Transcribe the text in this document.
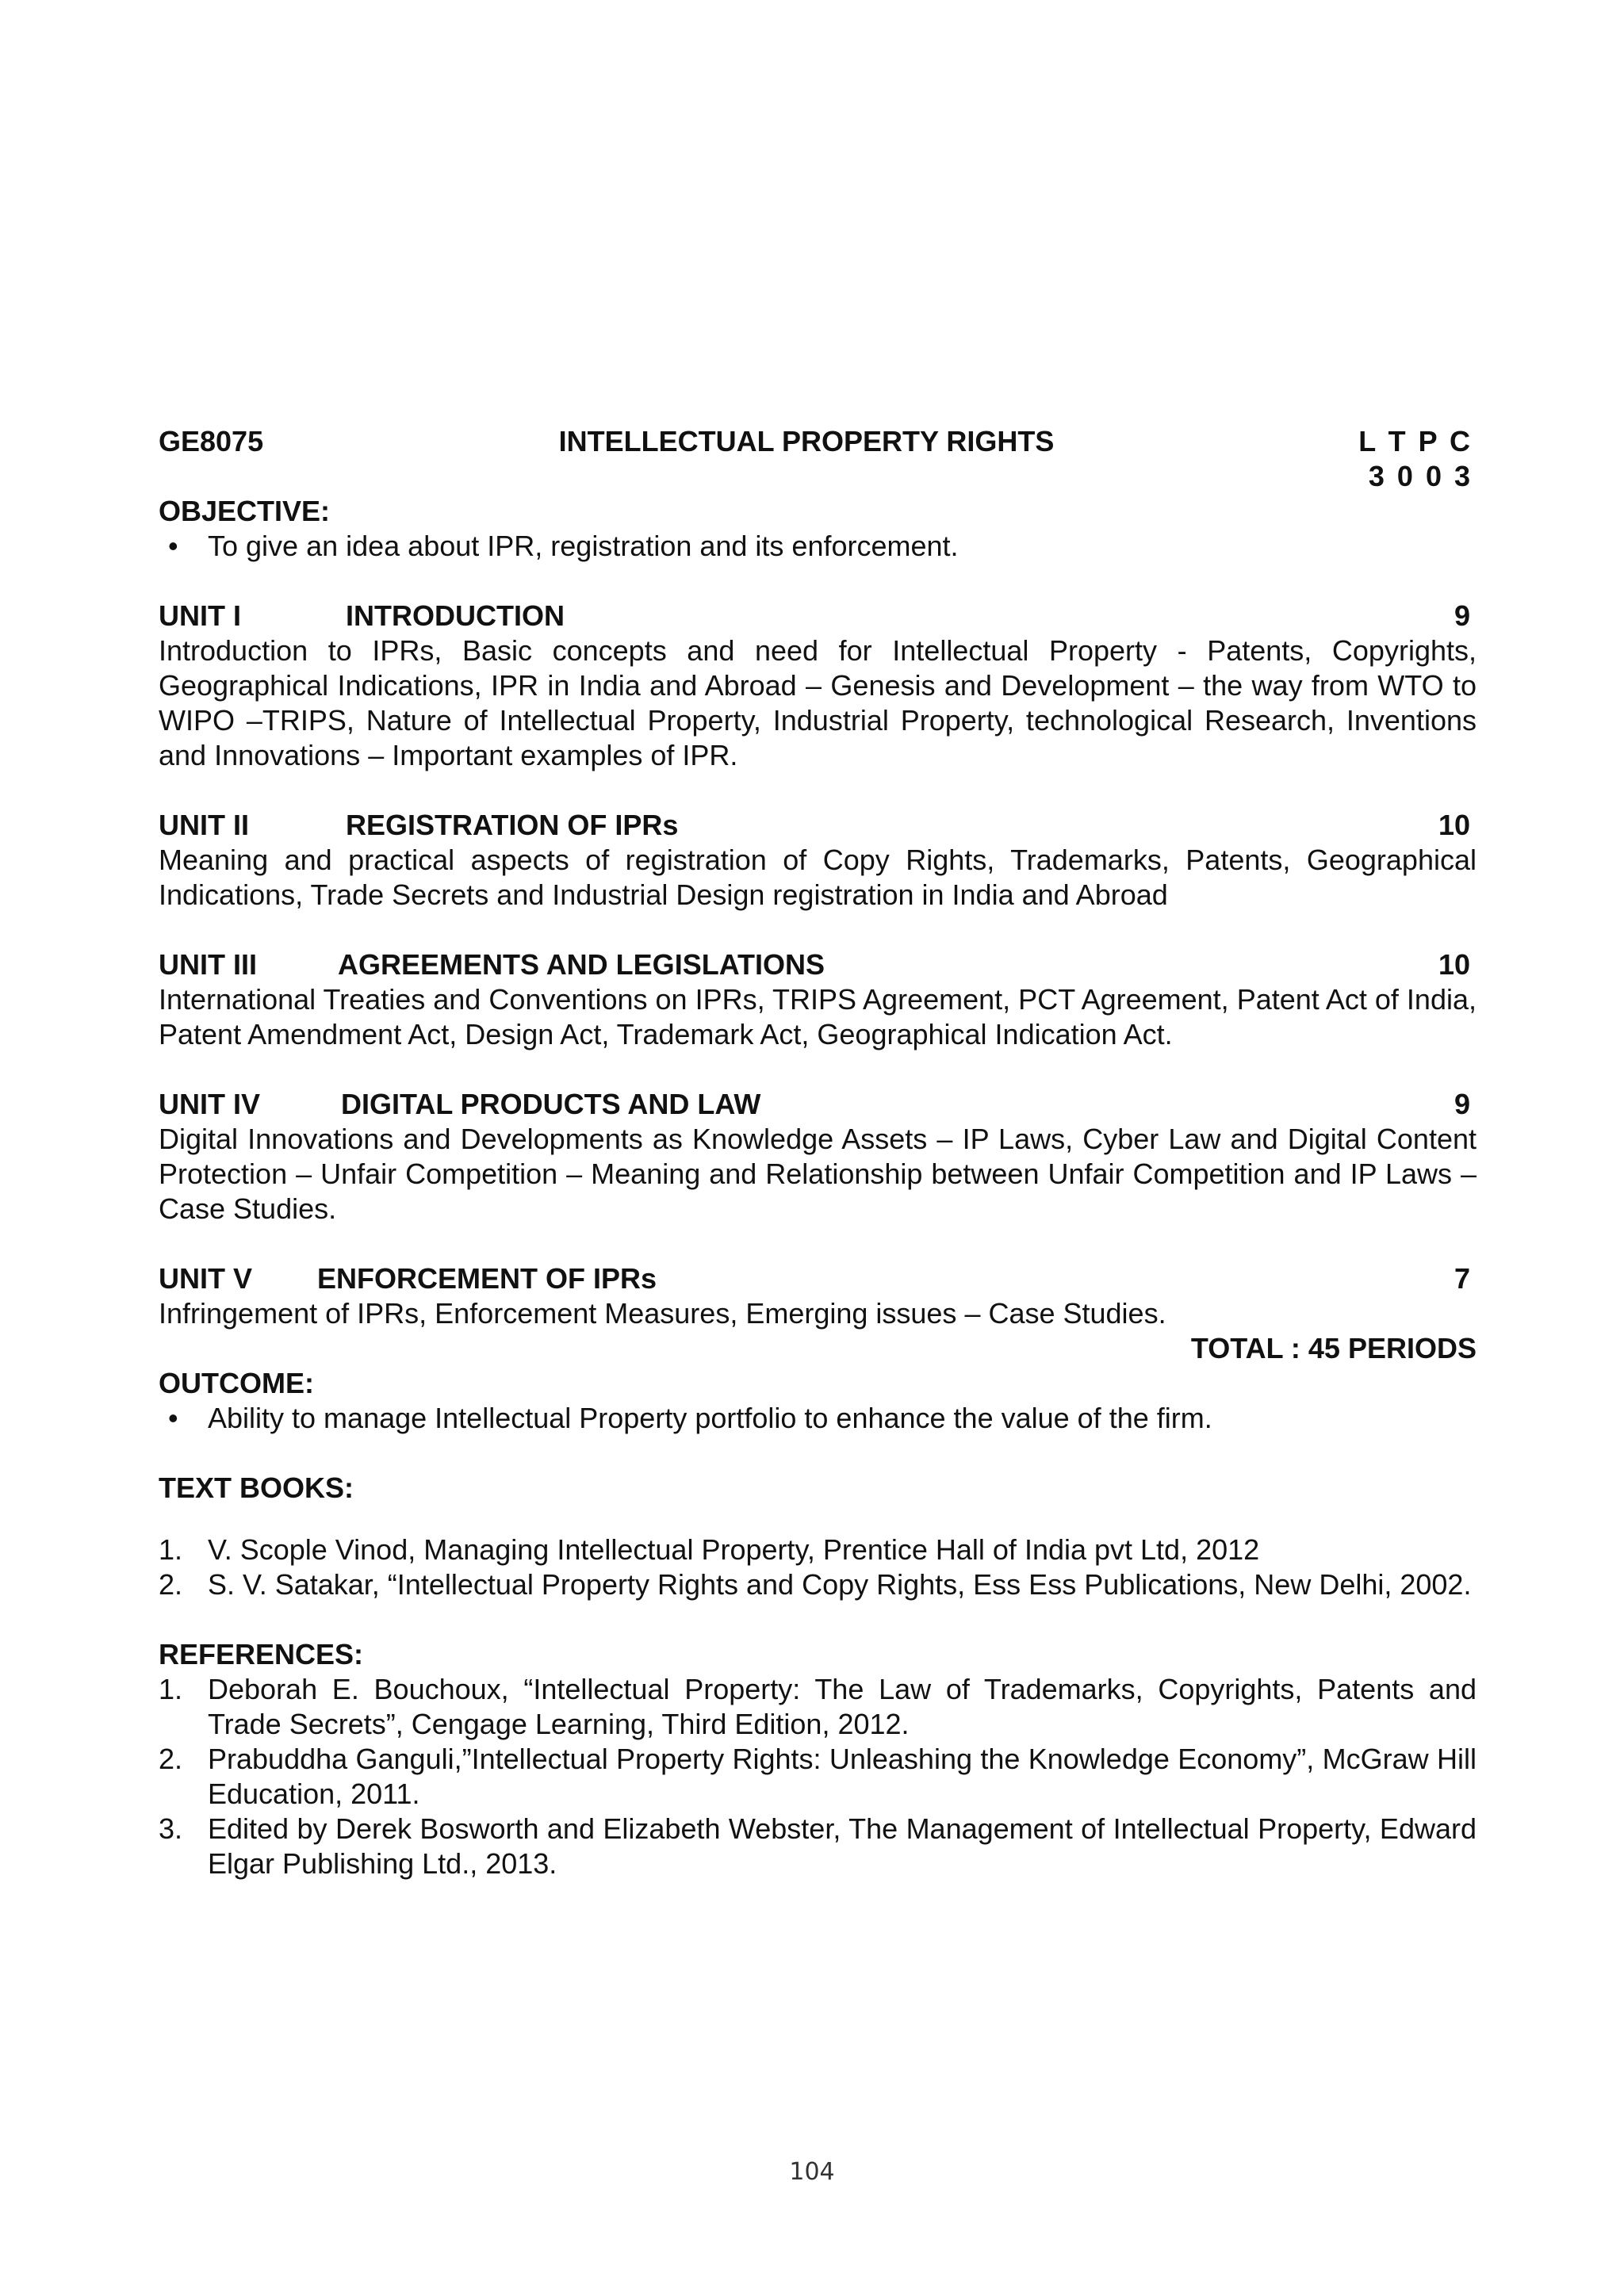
GE8075	INTELLECTUAL PROPERTY RIGHTS	L T P C
3 0 0 3
OBJECTIVE:
• To give an idea about IPR, registration and its enforcement.
UNIT I	INTRODUCTION	9

Introduction to IPRs, Basic concepts and need for Intellectual Property - Patents, Copyrights, Geographical Indications, IPR in India and Abroad – Genesis and Development – the way from WTO to WIPO –TRIPS, Nature of Intellectual Property, Industrial Property, technological Research, Inventions and Innovations – Important examples of IPR.

UNIT II	REGISTRATION OF IPRs	10

Meaning and practical aspects of registration of Copy Rights, Trademarks, Patents, Geographical Indications, Trade Secrets and Industrial Design registration in India and Abroad

UNIT III	AGREEMENTS AND LEGISLATIONS	10

International Treaties and Conventions on IPRs, TRIPS Agreement, PCT Agreement, Patent Act of India, Patent Amendment Act, Design Act, Trademark Act, Geographical Indication Act.

UNIT IV	DIGITAL PRODUCTS AND LAW	9

Digital Innovations and Developments as Knowledge Assets – IP Laws, Cyber Law and Digital Content Protection – Unfair Competition – Meaning and Relationship between Unfair Competition and IP Laws – Case Studies.

UNIT V ENFORCEMENT OF IPRs	7

Infringement of IPRs, Enforcement Measures, Emerging issues – Case Studies.

TOTAL : 45 PERIODS
OUTCOME:
• Ability to manage Intellectual Property portfolio to enhance the value of the firm.
TEXT BOOKS:
1. V. Scople Vinod, Managing Intellectual Property, Prentice Hall of India pvt Ltd, 2012
2. S. V. Satakar, “Intellectual Property Rights and Copy Rights, Ess Ess Publications, New Delhi, 2002.
REFERENCES:
1. Deborah E. Bouchoux, “Intellectual Property: The Law of Trademarks, Copyrights, Patents and Trade Secrets”, Cengage Learning, Third Edition, 2012.
2. Prabuddha Ganguli,”Intellectual Property Rights: Unleashing the Knowledge Economy”, McGraw Hill Education, 2011.
3. Edited by Derek Bosworth and Elizabeth Webster, The Management of Intellectual Property, Edward Elgar Publishing Ltd., 2013.
104
